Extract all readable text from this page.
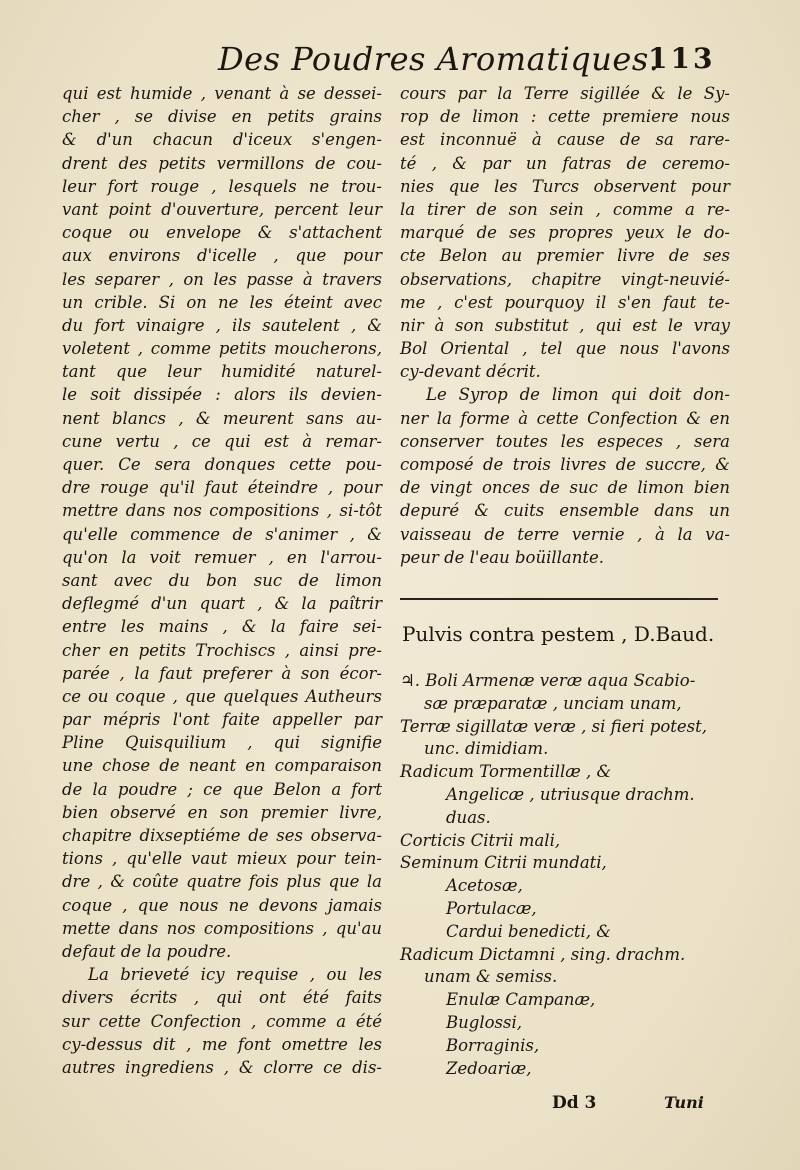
Des Poudres Aromatiques.
113
qui est humide , venant à se dessei-
cher , se divise en petits grains
& d'un chacun d'iceux s'engen-
drent des petits vermillons de cou-
leur fort rouge , lesquels ne trou-
vant point d'ouverture, percent leur
coque ou envelope & s'attachent
aux environs d'icelle , que pour
les separer , on les passe à travers
un crible. Si on ne les éteint avec
du fort vinaigre , ils sautelent , &
voletent , comme petits moucherons,
tant que leur humidité naturel-
le soit dissipée : alors ils devien-
nent blancs , & meurent sans au-
cune vertu , ce qui est à remar-
quer. Ce sera donques cette pou-
dre rouge qu'il faut éteindre , pour
mettre dans nos compositions , si-tôt
qu'elle commence de s'animer , &
qu'on la voit remuer , en l'arrou-
sant avec du bon suc de limon
deflegmé d'un quart , & la paîtrir
entre les mains , & la faire sei-
cher en petits Trochiscs , ainsi pre-
parée , la faut preferer à son écor-
ce ou coque , que quelques Autheurs
par mépris l'ont faite appeller par
Pline Quisquilium , qui signifie
une chose de neant en comparaison
de la poudre ; ce que Belon a fort
bien observé en son premier livre,
chapitre dixseptiéme de ses observa-
tions , qu'elle vaut mieux pour tein-
dre , & coûte quatre fois plus que la
coque , que nous ne devons jamais
mette dans nos compositions , qu'au
defaut de la poudre.
La brieveté icy requise , ou les
divers écrits , qui ont été faits
sur cette Confection , comme a été
cy-dessus dit , me font omettre les
autres ingrediens , & clorre ce dis-
cours par la Terre sigillée & le Sy-
rop de limon : cette premiere nous
est inconnuë à cause de sa rare-
té , & par un fatras de ceremo-
nies que les Turcs observent pour
la tirer de son sein , comme a re-
marqué de ses propres yeux le do-
cte Belon au premier livre de ses
observations, chapitre vingt-neuvié-
me , c'est pourquoy il s'en faut te-
nir à son substitut , qui est le vray
Bol Oriental , tel que nous l'avons
cy-devant décrit.
Le Syrop de limon qui doit don-
ner la forme à cette Confection & en
conserver toutes les especes , sera
composé de trois livres de succre, &
de vingt onces de suc de limon bien
depuré & cuits ensemble dans un
vaisseau de terre vernie , à la va-
peur de l'eau boüillante.
Pulvis contra pestem , D.Baud.
♃. Boli Armenæ veræ aqua Scabio-
sæ præparatæ , unciam unam,
Terræ sigillatæ veræ , si fieri potest,
unc. dimidiam.
Radicum Tormentillæ , &
Angelicæ , utriusque drachm.
duas.
Corticis Citrii mali,
Seminum Citrii mundati,
Acetosæ,
Portulacæ,
Cardui benedicti, &
Radicum Dictamni , sing. drachm.
unam & semiss.
Enulæ Campanæ,
Buglossi,
Borraginis,
Zedoariæ,
Dd 3	Tuni
